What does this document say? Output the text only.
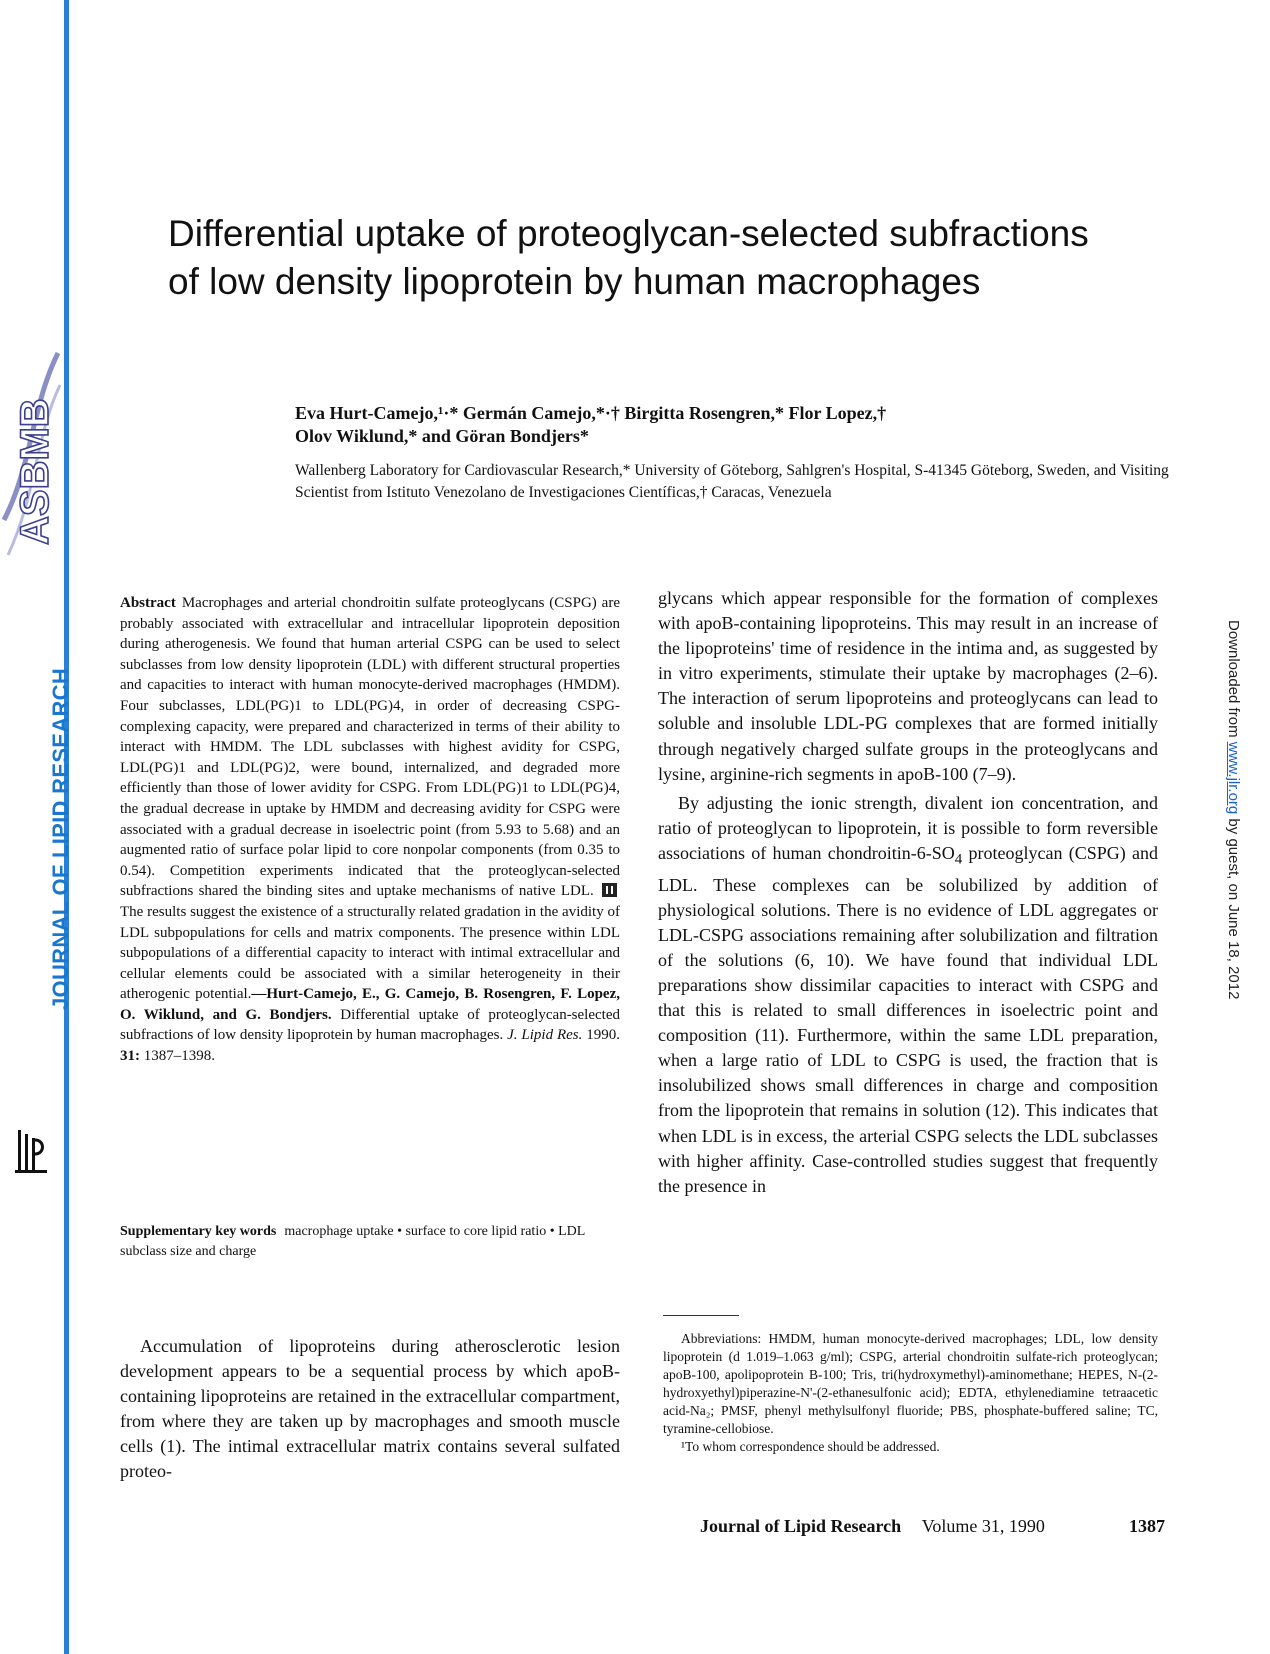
ASBMB
JOURNAL OF LIPID RESEARCH	Downloaded from www.jlr.org by guest, on June 18, 2012
Differential uptake of proteoglycan-selected subfractions of low density lipoprotein by human macrophages
Eva Hurt-Camejo,¹·* Germán Camejo,*·† Birgitta Rosengren,* Flor Lopez,†
Olov Wiklund,* and Göran Bondjers*
Wallenberg Laboratory for Cardiovascular Research,* University of Göteborg, Sahlgren's Hospital, S-41345 Göteborg, Sweden, and Visiting Scientist from Istituto Venezolano de Investigaciones Científicas,† Caracas, Venezuela
Abstract Macrophages and arterial chondroitin sulfate proteoglycans (CSPG) are probably associated with extracellular and intracellular lipoprotein deposition during atherogenesis. We found that human arterial CSPG can be used to select subclasses from low density lipoprotein (LDL) with different structural properties and capacities to interact with human monocyte-derived macrophages (HMDM). Four subclasses, LDL(PG)1 to LDL(PG)4, in order of decreasing CSPG-complexing capacity, were prepared and characterized in terms of their ability to interact with HMDM. The LDL subclasses with highest avidity for CSPG, LDL(PG)1 and LDL(PG)2, were bound, internalized, and degraded more efficiently than those of lower avidity for CSPG. From LDL(PG)1 to LDL(PG)4, the gradual decrease in uptake by HMDM and decreasing avidity for CSPG were associated with a gradual decrease in isoelectric point (from 5.93 to 5.68) and an augmented ratio of surface polar lipid to core nonpolar components (from 0.35 to 0.54). Competition experiments indicated that the proteoglycan-selected subfractions shared the binding sites and uptake mechanisms of native LDL.  The results suggest the existence of a structurally related gradation in the avidity of LDL subpopulations for cells and matrix components. The presence within LDL subpopulations of a differential capacity to interact with intimal extracellular and cellular elements could be associated with a similar heterogeneity in their atherogenic potential.—Hurt-Camejo, E., G. Camejo, B. Rosengren, F. Lopez, O. Wiklund, and G. Bondjers. Differential uptake of proteoglycan-selected subfractions of low density lipoprotein by human macrophages. J. Lipid Res. 1990. 31: 1387–1398.
Supplementary key words macrophage uptake • surface to core lipid ratio • LDL subclass size and charge

Accumulation of lipoproteins during atherosclerotic lesion development appears to be a sequential process by which apoB-containing lipoproteins are retained in the extracellular compartment, from where they are taken up by macrophages and smooth muscle cells (1). The intimal extracellular matrix contains several sulfated proteo-

glycans which appear responsible for the formation of complexes with apoB-containing lipoproteins. This may result in an increase of the lipoproteins' time of residence in the intima and, as suggested by in vitro experiments, stimulate their uptake by macrophages (2–6). The interaction of serum lipoproteins and proteoglycans can lead to soluble and insoluble LDL-PG complexes that are formed initially through negatively charged sulfate groups in the proteoglycans and lysine, arginine-rich segments in apoB-100 (7–9).

By adjusting the ionic strength, divalent ion concentration, and ratio of proteoglycan to lipoprotein, it is possible to form reversible associations of human chondroitin-$6-SO_4$ proteoglycan (CSPG) and LDL. These complexes can be solubilized by addition of physiological solutions. There is no evidence of LDL aggregates or LDL-CSPG associations remaining after solubilization and filtration of the solutions (6, 10). We have found that individual LDL preparations show dissimilar capacities to interact with CSPG and that this is related to small differences in isoelectric point and composition (11). Furthermore, within the same LDL preparation, when a large ratio of LDL to CSPG is used, the fraction that is insolubilized shows small differences in charge and composition from the lipoprotein that remains in solution (12). This indicates that when LDL is in excess, the arterial CSPG selects the LDL subclasses with higher affinity. Case-controlled studies suggest that frequently the presence in

Abbreviations: HMDM, human monocyte-derived macrophages; LDL, low density lipoprotein (d 1.019–1.063 g/ml); CSPG, arterial chondroitin sulfate-rich proteoglycan; apoB-100, apolipoprotein B-100; Tris, tri(hydroxymethyl)-aminomethane; HEPES, N-(2-hydroxyethyl)piperazine-N'-(2-ethanesulfonic acid); EDTA, ethylenediamine tetraacetic acid-Na₂; PMSF, phenyl methylsulfonyl fluoride; PBS, phosphate-buffered saline; TC, tyramine-cellobiose.

¹To whom correspondence should be addressed.

Journal of Lipid Research Volume 31, 1990	1387
